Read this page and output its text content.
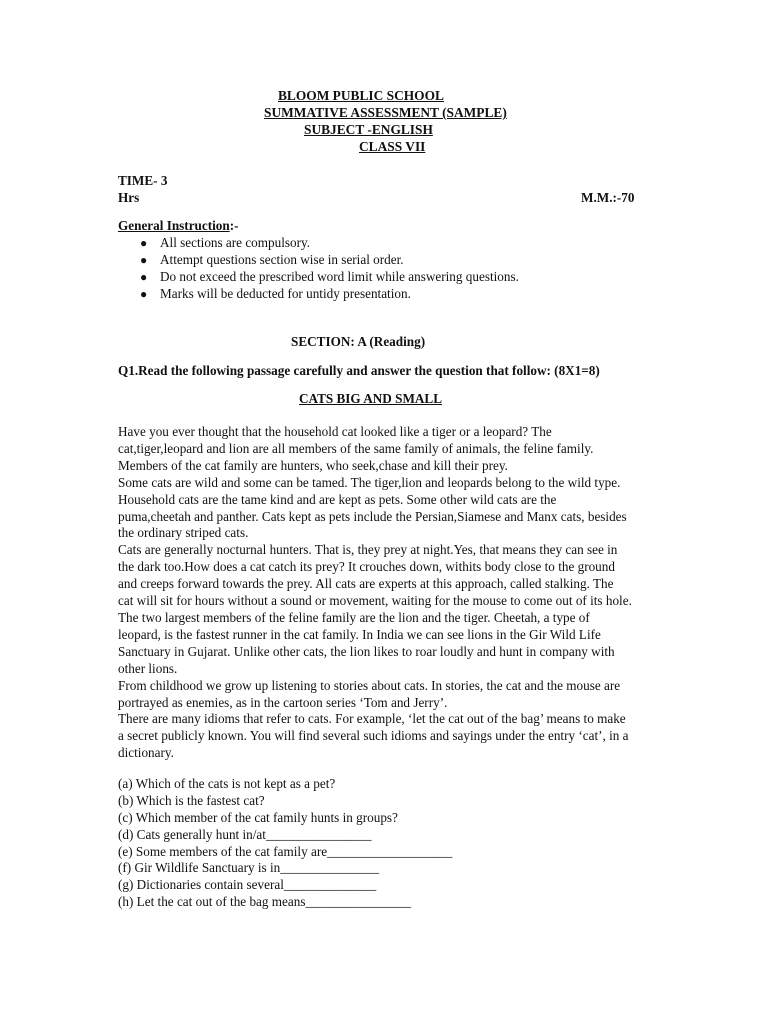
BLOOM PUBLIC SCHOOL
SUMMATIVE ASSESSMENT (SAMPLE)
SUBJECT -ENGLISH
CLASS VII
TIME- 3
Hrs	M.M.:-70
General Instruction:-
● All sections are compulsory.
● Attempt questions section wise in serial order.
● Do not exceed the prescribed word limit while answering questions.
● Marks will be deducted for untidy presentation.
SECTION: A (Reading)
Q1.Read the following passage carefully and answer the question that follow: (8X1=8)
CATS BIG AND SMALL

Have you ever thought that the household cat looked like a tiger or a leopard? The

cat,tiger,leopard and lion are all members of the same family of animals, the feline family.

Members of the cat family are hunters, who seek,chase and kill their prey.

Some cats are wild and some can be tamed. The tiger,lion and leopards belong to the wild type.

Household cats are the tame kind and are kept as pets. Some other wild cats are the

puma,cheetah and panther. Cats kept as pets include the Persian,Siamese and Manx cats, besides

the ordinary striped cats.

Cats are generally nocturnal hunters. That is, they prey at night.Yes, that means they can see in

the dark too.How does a cat catch its prey? It crouches down, withits body close to the ground

and creeps forward towards the prey. All cats are experts at this approach, called stalking. The

cat will sit for hours without a sound or movement, waiting for the mouse to come out of its hole.

The two largest members of the feline family are the lion and the tiger. Cheetah, a type of

leopard, is the fastest runner in the cat family. In India we can see lions in the Gir Wild Life

Sanctuary in Gujarat. Unlike other cats, the lion likes to roar loudly and hunt in company with

other lions.

From childhood we grow up listening to stories about cats. In stories, the cat and the mouse are

portrayed as enemies, as in the cartoon series ‘Tom and Jerry’.

There are many idioms that refer to cats. For example, ‘let the cat out of the bag’ means to make

a secret publicly known. You will find several such idioms and sayings under the entry ‘cat’, in a

dictionary.

(a) Which of the cats is not kept as a pet?
(b) Which is the fastest cat?
(c) Which member of the cat family hunts in groups?
(d) Cats generally hunt in/at________________
(e) Some members of the cat family are___________________
(f) Gir Wildlife Sanctuary is in_______________
(g) Dictionaries contain several______________
(h) Let the cat out of the bag means________________
